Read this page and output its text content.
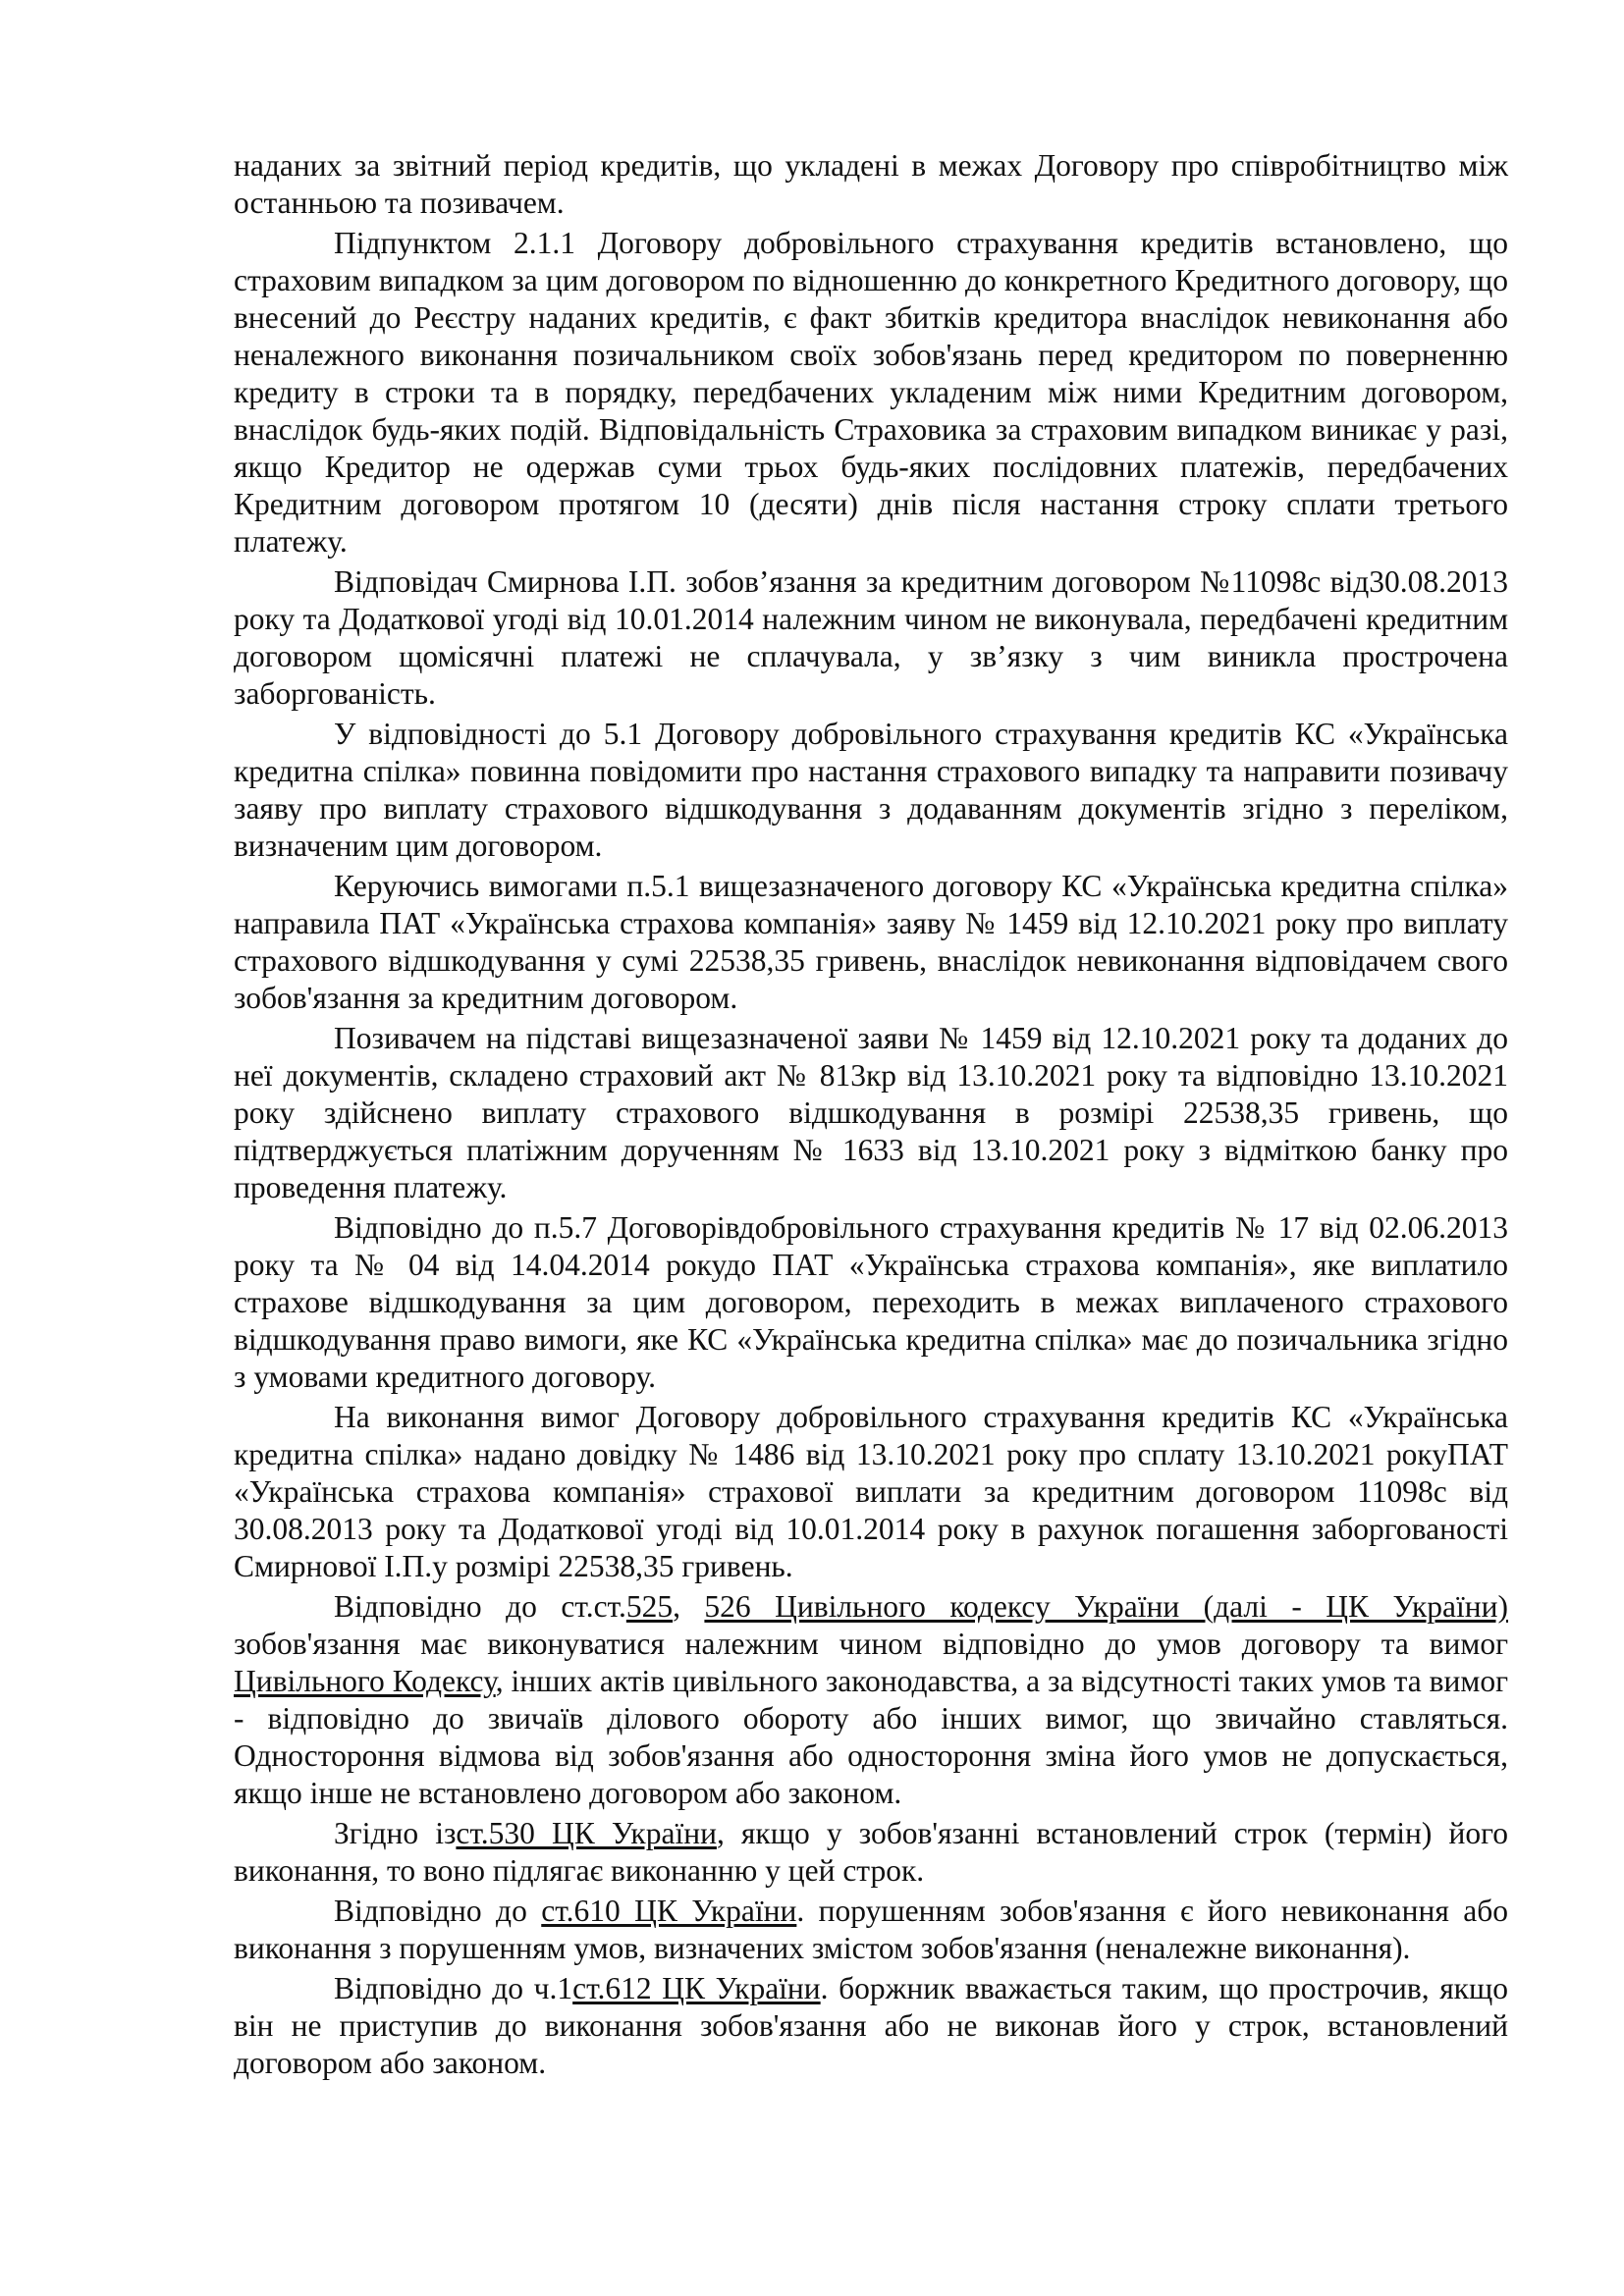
наданих за звітний період кредитів, що укладені в межах Договору про співробітництво між останньою та позивачем.

Підпунктом 2.1.1 Договору добровільного страхування кредитів встановлено, що страховим випадком за цим договором по відношенню до конкретного Кредитного договору, що внесений до Реєстру наданих кредитів, є факт збитків кредитора внаслідок невиконання або неналежного виконання позичальником своїх зобов'язань перед кредитором по поверненню кредиту в строки та в порядку, передбачених укладеним між ними Кредитним договором, внаслідок будь-яких подій. Відповідальність Страховика за страховим випадком виникає у разі, якщо Кредитор не одержав суми трьох будь-яких послідовних платежів, передбачених Кредитним договором протягом 10 (десяти) днів після настання строку сплати третього платежу.

Відповідач Смирнова І.П. зобов’язання за кредитним договором №11098с від30.08.2013 року та Додаткової угоді від 10.01.2014 належним чином не виконувала, передбачені кредитним договором щомісячні платежі не сплачувала, у зв’язку з чим виникла прострочена заборгованість.

У відповідності до 5.1 Договору добровільного страхування кредитів КС «Українська кредитна спілка» повинна повідомити про настання страхового випадку та направити позивачу заяву про виплату страхового відшкодування з додаванням документів згідно з переліком, визначеним цим договором.

Керуючись вимогами п.5.1 вищезазначеного договору КС «Українська кредитна спілка» направила ПАТ «Українська страхова компанія» заяву № 1459 від 12.10.2021 року про виплату страхового відшкодування у сумі 22538,35 гривень, внаслідок невиконання відповідачем свого зобов'язання за кредитним договором.

Позивачем на підставі вищезазначеної заяви № 1459 від 12.10.2021 року та доданих до неї документів, складено страховий акт № 813кр від 13.10.2021 року та відповідно 13.10.2021 року здійснено виплату страхового відшкодування в розмірі 22538,35 гривень, що підтверджується платіжним дорученням № 1633 від 13.10.2021 року з відміткою банку про проведення платежу.

Відповідно до п.5.7 Договорівдобровільного страхування кредитів № 17 від 02.06.2013 року та № 04 від 14.04.2014 рокудо ПАТ «Українська страхова компанія», яке виплатило страхове відшкодування за цим договором, переходить в межах виплаченого страхового відшкодування право вимоги, яке КС «Українська кредитна спілка» має до позичальника згідно з умовами кредитного договору.

На виконання вимог Договору добровільного страхування кредитів КС «Українська кредитна спілка» надано довідку № 1486 від 13.10.2021 року про сплату 13.10.2021 рокуПАТ «Українська страхова компанія» страхової виплати за кредитним договором 11098с від 30.08.2013 року та Додаткової угоді від 10.01.2014 року в рахунок погашення заборгованості Смирнової І.П.у розмірі 22538,35 гривень.

Відповідно до ст.ст.525, 526 Цивільного кодексу України (далі - ЦК України) зобов'язання має виконуватися належним чином відповідно до умов договору та вимог Цивільного Кодексу, інших актів цивільного законодавства, а за відсутності таких умов та вимог - відповідно до звичаїв ділового обороту або інших вимог, що звичайно ставляться. Одностороння відмова від зобов'язання або одностороння зміна його умов не допускається, якщо інше не встановлено договором або законом.

Згідно ізст.530 ЦК України, якщо у зобов'язанні встановлений строк (термін) його виконання, то воно підлягає виконанню у цей строк.

Відповідно до ст.610 ЦК України. порушенням зобов'язання є його невиконання або виконання з порушенням умов, визначених змістом зобов'язання (неналежне виконання).

Відповідно до ч.1ст.612 ЦК України. боржник вважається таким, що прострочив, якщо він не приступив до виконання зобов'язання або не виконав його у строк, встановлений договором або законом.
